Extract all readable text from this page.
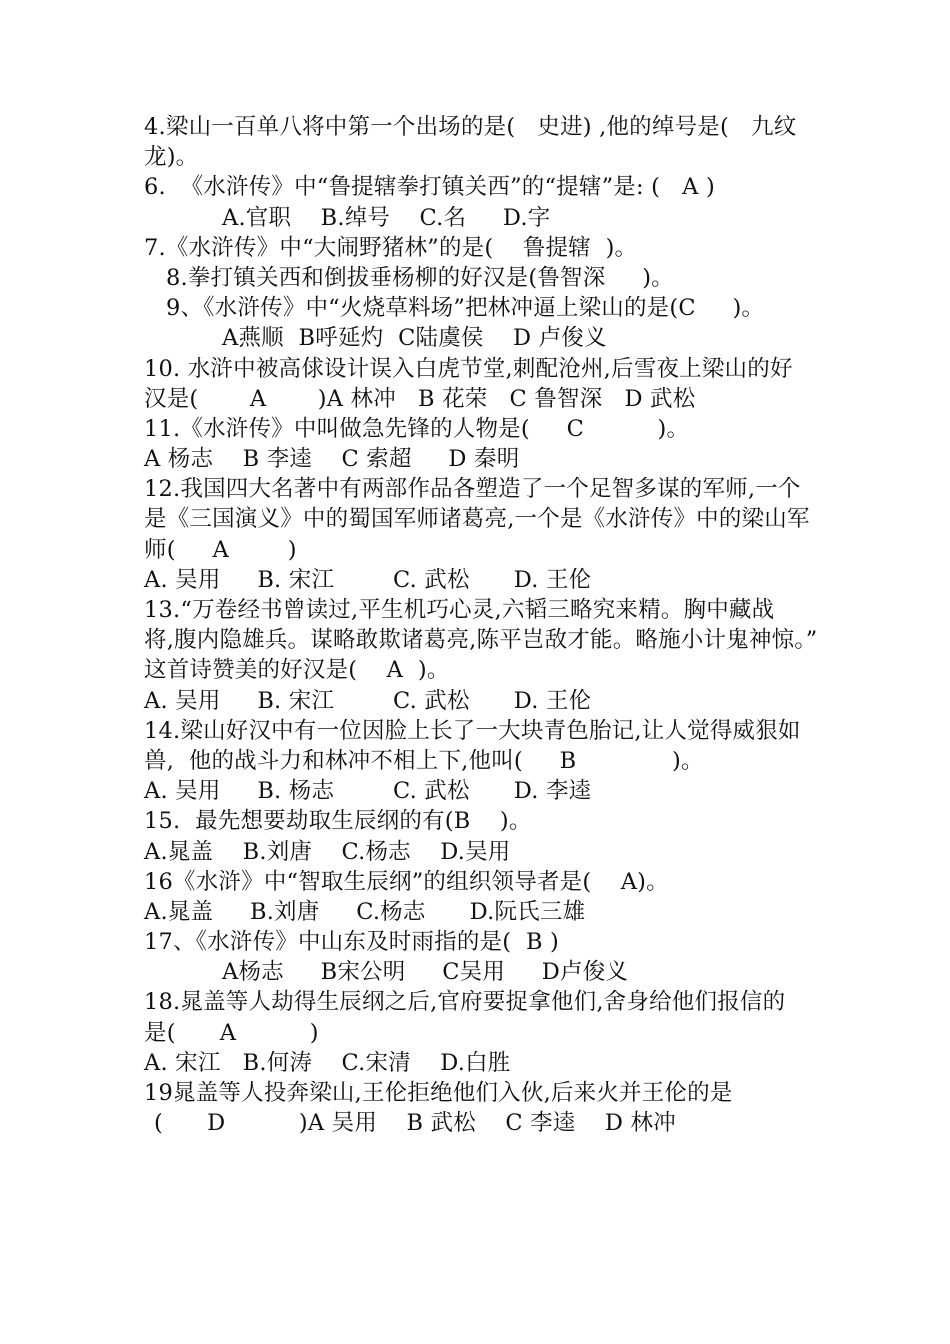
4.梁山一百单八将中第一个出场的是(   史进) ,他的绰号是(   九纹
龙)。
6.  《水浒传》中“鲁提辖拳打镇关西”的“提辖”是: (   A )
A.官职    B.绰号    C.名     D.字
7.《水浒传》中“大闹野猪林”的是(    鲁提辖  )。
8.拳打镇关西和倒拔垂杨柳的好汉是(鲁智深     )。
9、《水浒传》中“火烧草料场”把林冲逼上梁山的是(C     )。
A燕顺  B呼延灼  C陆虞侯    D 卢俊义
10. 水浒中被高俅设计误入白虎节堂,刺配沧州,后雪夜上梁山的好
汉是(       A       )A 林冲   B 花荣   C 鲁智深   D 武松
11.《水浒传》中叫做急先锋的人物是(     C          )。
A 杨志    B 李逵    C 索超     D 秦明
12.我国四大名著中有两部作品各塑造了一个足智多谋的军师,一个
是《三国演义》中的蜀国军师诸葛亮,一个是《水浒传》中的梁山军
师(     A        )
A. 吴用     B. 宋江        C. 武松      D. 王伦
13.“万卷经书曾读过,平生机巧心灵,六韬三略究来精。胸中藏战
将,腹内隐雄兵。谋略敢欺诸葛亮,陈平岂敌才能。略施小计鬼神惊。”
这首诗赞美的好汉是(    A  )。
A. 吴用     B. 宋江        C. 武松      D. 王伦
14.梁山好汉中有一位因脸上长了一大块青色胎记,让人觉得威狠如
兽,  他的战斗力和林冲不相上下,他叫(     B             )。
A. 吴用     B. 杨志        C. 武松      D. 李逵
15.  最先想要劫取生辰纲的有(B    )。
A.晁盖    B.刘唐    C.杨志    D.吴用
16《水浒》中“智取生辰纲”的组织领导者是(    A)。
A.晁盖     B.刘唐     C.杨志      D.阮氏三雄
17、《水浒传》中山东及时雨指的是(  B )
A杨志     B宋公明     C吴用     D卢俊义
18.晁盖等人劫得生辰纲之后,官府要捉拿他们,舍身给他们报信的
是(      A          )
A. 宋江   B.何涛    C.宋清    D.白胜
19晁盖等人投奔梁山,王伦拒绝他们入伙,后来火并王伦的是
(      D          )A 吴用    B 武松    C 李逵    D 林冲
